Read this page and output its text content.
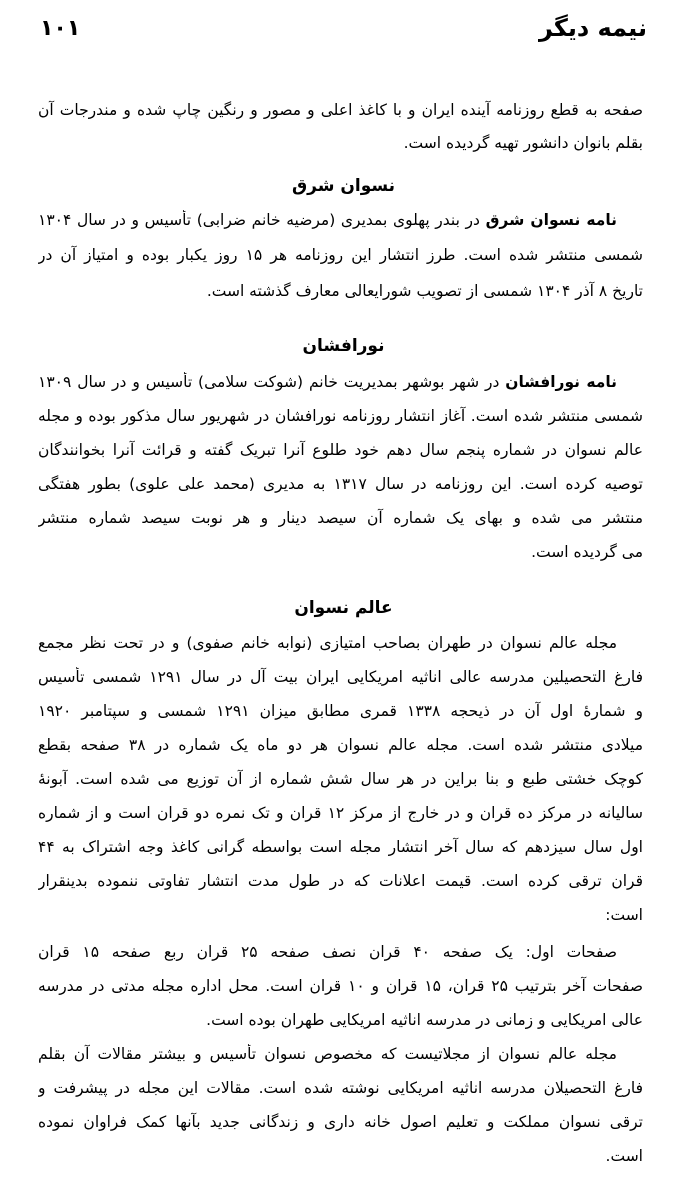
نیمه دیگر
۱۰۱
صفحه به قطع روزنامه آینده ایران و با کاغذ اعلی و مصور و رنگین چاپ شده و مندرجات آن
بقلم بانوان دانشور تهیه گردیده است.
نسوان شرق
نامه نسوان شرق در بندر پهلوی بمدیری (مرضیه خانم ضرابی) تأسیس و در سال ۱۳۰۴
شمسی منتشر شده است. طرز انتشار این روزنامه هر ۱۵ روز یکبار بوده و امتیاز آن در
تاریخ ۸ آذر ۱۳۰۴ شمسی از تصویب شورایعالی معارف گذشته است.
نورافشان
نامه نورافشان در شهر بوشهر بمدیریت خانم (شوکت سلامی) تأسیس و در سال ۱۳۰۹
شمسی منتشر شده است. آغاز انتشار روزنامه نورافشان در شهریور سال مذکور بوده و مجله
عالم نسوان در شماره پنجم سال دهم خود طلوع آنرا تبریک گفته و قرائت آنرا بخوانندگان
توصیه کرده است. این روزنامه در سال ۱۳۱۷ به مدیری (محمد علی علوی) بطور هفتگی
منتشر می شده و بهای یک شماره آن سیصد دینار و هر نوبت سیصد شماره منتشر
می گردیده است.
عالم نسوان
مجله عالم نسوان در طهران بصاحب امتیازی (نوابه خانم صفوی) و در تحت نظر مجمع
فارغ التحصیلین مدرسه عالی اناثیه امریکایی ایران بیت آل در سال ۱۲۹۱ شمسی تأسیس
و شمارهٔ اول آن در ذیحجه ۱۳۳۸ قمری مطابق میزان ۱۲۹۱ شمسی و سپتامبر ۱۹۲۰
میلادی منتشر شده است. مجله عالم نسوان هر دو ماه یک شماره در ۳۸ صفحه بقطع
کوچک خشتی طبع و بنا براین در هر سال شش شماره از آن توزیع می شده است. آبونهٔ
سالیانه در مرکز ده قران و در خارج از مرکز ۱۲ قران و تک نمره دو قران است و از شماره
اول سال سیزدهم که سال آخر انتشار مجله است بواسطه گرانی کاغذ وجه اشتراک به ۴۴
قران ترقی کرده است. قیمت اعلانات که در طول مدت انتشار تفاوتی ننموده بدینقرار
است:
صفحات اول: یک صفحه ۴۰ قران نصف صفحه ۲۵ قران ربع صفحه ۱۵ قران
صفحات آخر بترتیب ۲۵ قران، ۱۵ قران و ۱۰ قران است. محل اداره مجله مدتی در مدرسه
عالی امریکایی و زمانی در مدرسه اناثیه امریکایی طهران بوده است.
مجله عالم نسوان از مجلاتیست که مخصوص نسوان تأسیس و بیشتر مقالات آن بقلم
فارغ التحصیلان مدرسه اناثیه امریکایی نوشته شده است. مقالات این مجله در پیشرفت و
ترقی نسوان مملکت و تعلیم اصول خانه داری و زندگانی جدید بآنها کمک فراوان نموده
است.
